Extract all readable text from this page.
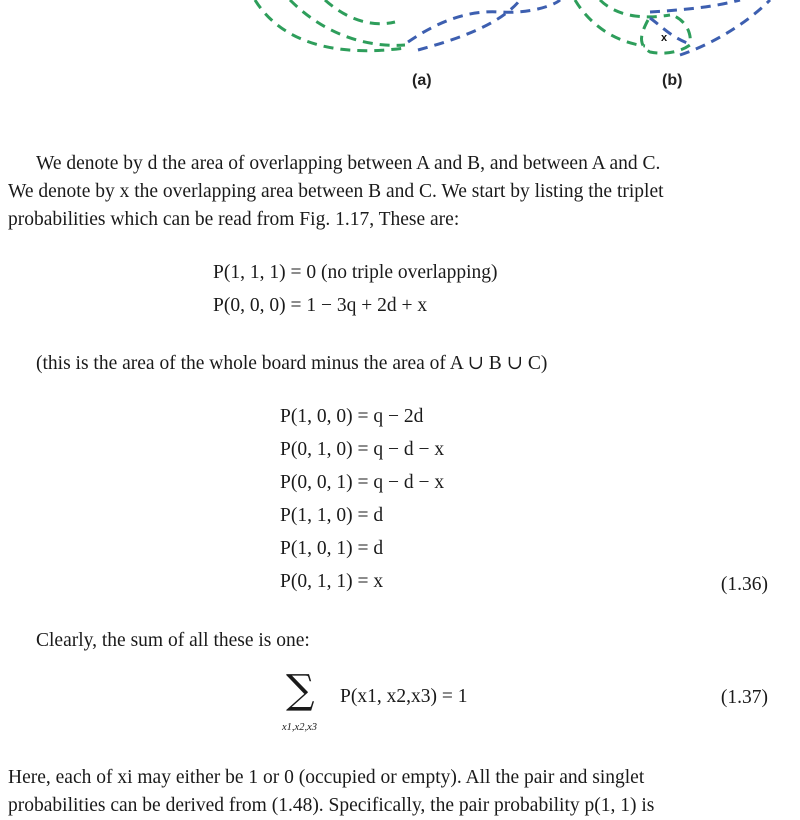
x
(a)	(b)
We denote by d the area of overlapping between A and B, and between A and C.
We denote by x the overlapping area between B and C. We start by listing the triplet
probabilities which can be read from Fig. 1.17, These are:
P(1, 1, 1) = 0 (no triple overlapping)
P(0, 0, 0) = 1 − 3q + 2d + x
(this is the area of the whole board minus the area of A ∪ B ∪ C)
P(1, 0, 0) = q − 2d
P(0, 1, 0) = q − d − x
P(0, 0, 1) = q − d − x
P(1, 1, 0) = d
P(1, 0, 1) = d
P(0, 1, 1) = x	(1.36)
Clearly, the sum of all these is one:
∑
x1,x2,x3
P(x1, x2,x3) = 1	(1.37)
Here, each of xi may either be 1 or 0 (occupied or empty). All the pair and singlet
probabilities can be derived from (1.48). Specifically, the pair probability p(1, 1) is
